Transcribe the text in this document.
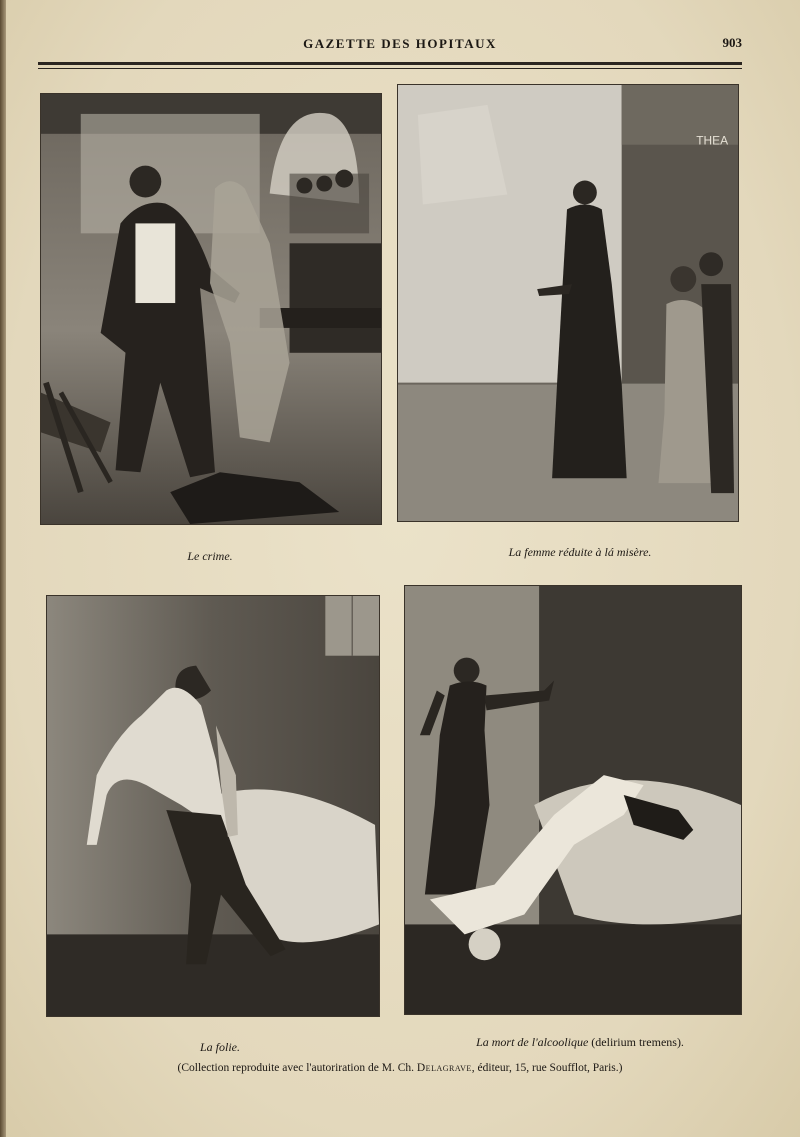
GAZETTE DES HOPITAUX	903
Le crime.
THEA
La femme réduite à lá misère.
La folie.	La mort de l'alcoolique (delirium tremens).
(Collection reproduite avec l'autoriration de M. Ch. Delagrave, éditeur, 15, rue Soufflot, Paris.)
